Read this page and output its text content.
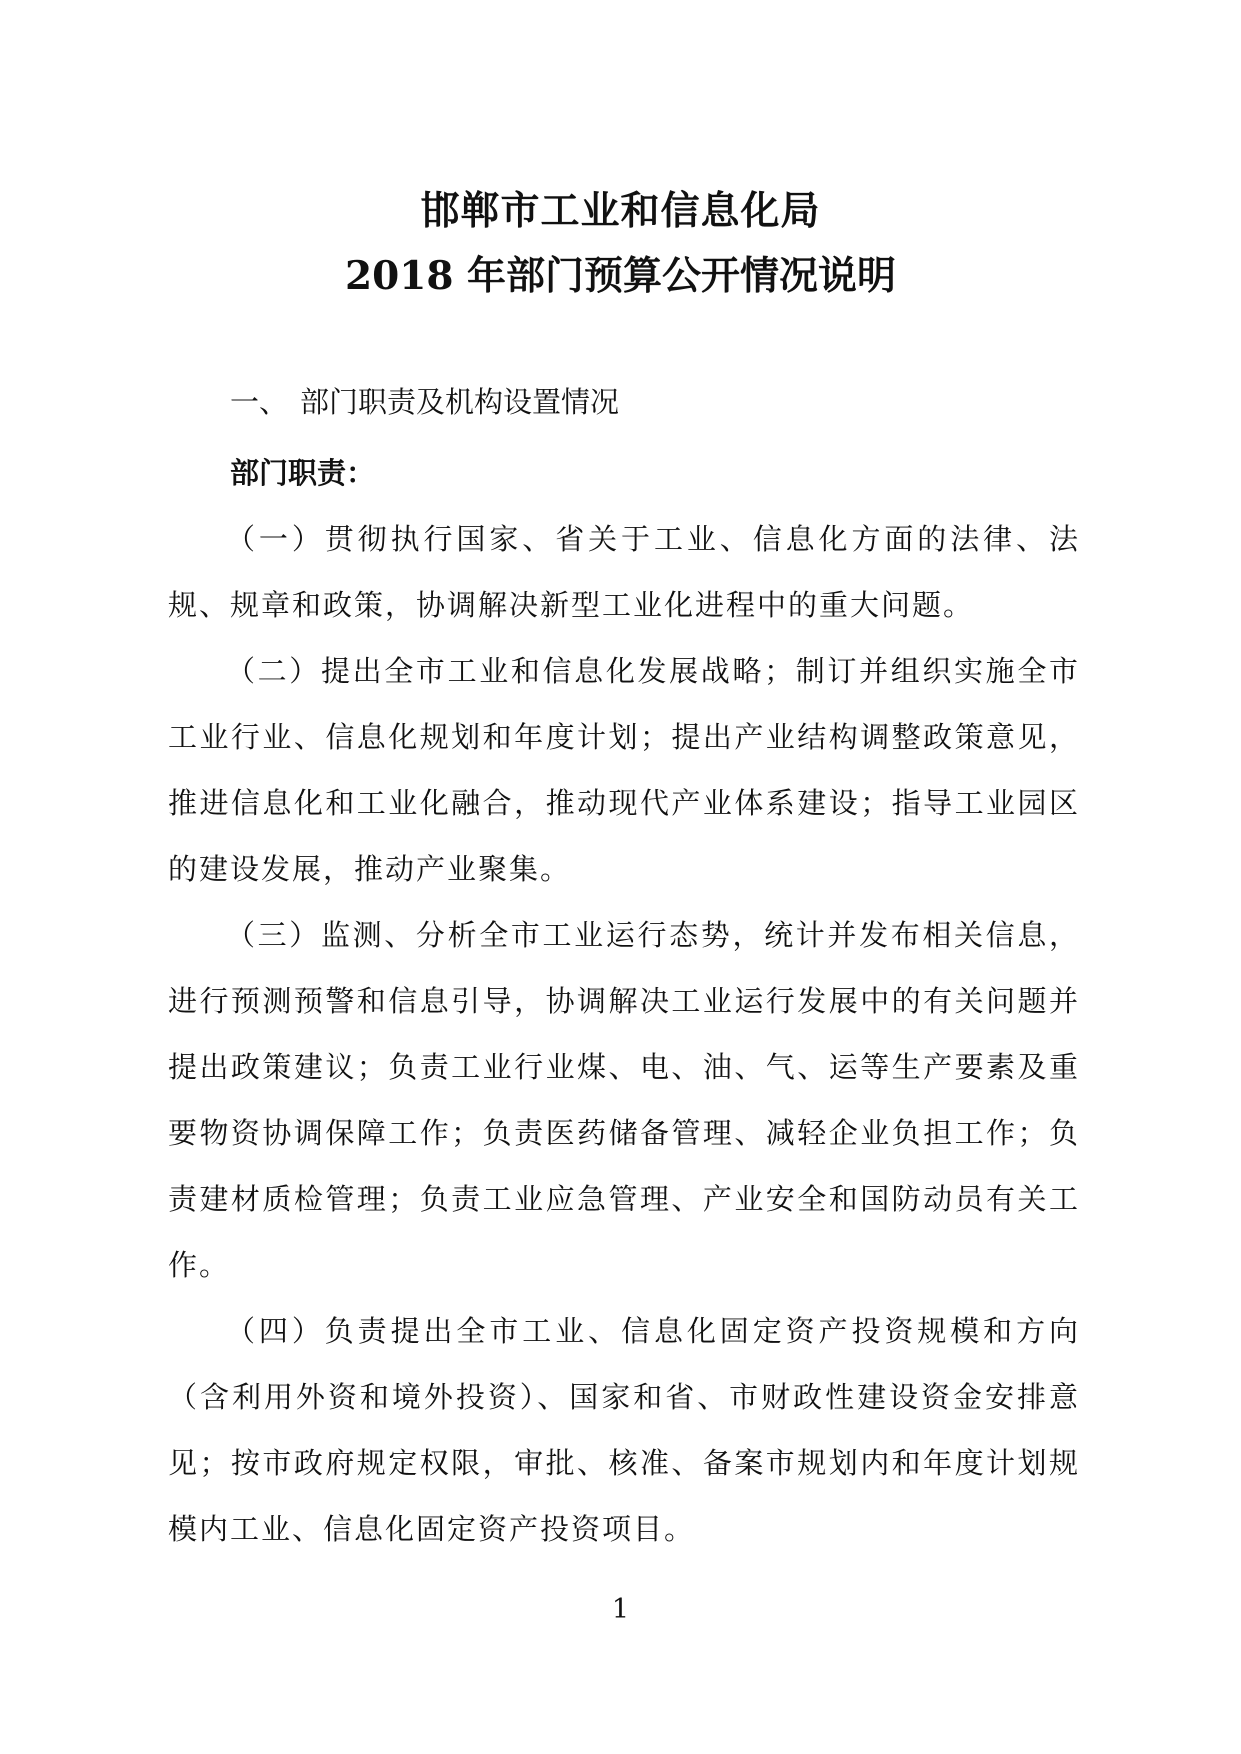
邯郸市工业和信息化局
2018 年部门预算公开情况说明
一、 部门职责及机构设置情况
部门职责：

（一）贯彻执行国家、省关于工业、信息化方面的法律、法规、规章和政策，协调解决新型工业化进程中的重大问题。

（二）提出全市工业和信息化发展战略；制订并组织实施全市工业行业、信息化规划和年度计划；提出产业结构调整政策意见，推进信息化和工业化融合，推动现代产业体系建设；指导工业园区的建设发展，推动产业聚集。

（三）监测、分析全市工业运行态势，统计并发布相关信息，进行预测预警和信息引导，协调解决工业运行发展中的有关问题并提出政策建议；负责工业行业煤、电、油、气、运等生产要素及重要物资协调保障工作；负责医药储备管理、减轻企业负担工作；负责建材质检管理；负责工业应急管理、产业安全和国防动员有关工作。

（四）负责提出全市工业、信息化固定资产投资规模和方向（含利用外资和境外投资）、国家和省、市财政性建设资金安排意见；按市政府规定权限，审批、核准、备案市规划内和年度计划规模内工业、信息化固定资产投资项目。

1
